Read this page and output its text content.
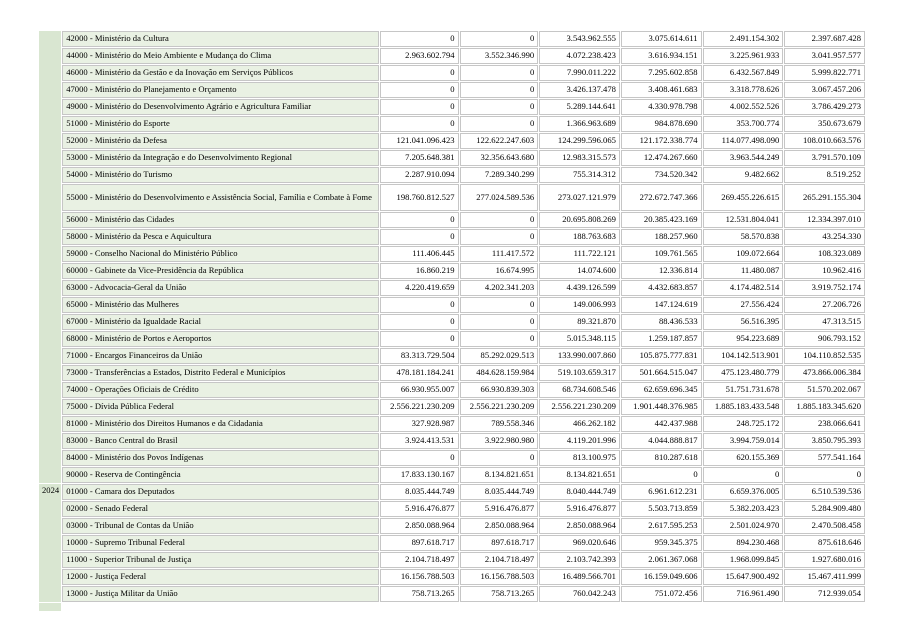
	42000 - Ministério da Cultura	0	0	3.543.962.555	3.075.614.611	2.491.154.302	2.397.687.428
	44000 - Ministério do Meio Ambiente e Mudança do Clima	2.963.602.794	3.552.346.990	4.072.238.423	3.616.934.151	3.225.961.933	3.041.957.577
	46000 - Ministério da Gestão e da Inovação em Serviços Públicos	0	0	7.990.011.222	7.295.602.858	6.432.567.849	5.999.822.771
	47000 - Ministério do Planejamento e Orçamento	0	0	3.426.137.478	3.408.461.683	3.318.778.626	3.067.457.206
	49000 - Ministério do Desenvolvimento Agrário e Agricultura Familiar	0	0	5.289.144.641	4.330.978.798	4.002.552.526	3.786.429.273
	51000 - Ministério do Esporte	0	0	1.366.963.689	984.878.690	353.700.774	350.673.679
	52000 - Ministério da Defesa	121.041.096.423	122.622.247.603	124.299.596.065	121.172.338.774	114.077.498.090	108.010.663.576
	53000 - Ministério da Integração e do Desenvolvimento Regional	7.205.648.381	32.356.643.680	12.983.315.573	12.474.267.660	3.963.544.249	3.791.570.109
	54000 - Ministério do Turismo	2.287.910.094	7.289.340.299	755.314.312	734.520.342	9.482.662	8.519.252
	55000 - Ministério do Desenvolvimento e Assistência Social, Família e Combate à Fome	198.760.812.527	277.024.589.536	273.027.121.979	272.672.747.366	269.455.226.615	265.291.155.304
	56000 - Ministério das Cidades	0	0	20.695.808.269	20.385.423.169	12.531.804.041	12.334.397.010
	58000 - Ministério da Pesca e Aquicultura	0	0	188.763.683	188.257.960	58.570.838	43.254.330
	59000 - Conselho Nacional do Ministério Público	111.406.445	111.417.572	111.722.121	109.761.565	109.072.664	108.323.089
	60000 - Gabinete da Vice-Presidência da República	16.860.219	16.674.995	14.074.600	12.336.814	11.480.087	10.962.416
	63000 - Advocacia-Geral da União	4.220.419.659	4.202.341.203	4.439.126.599	4.432.683.857	4.174.482.514	3.919.752.174
	65000 - Ministério das Mulheres	0	0	149.006.993	147.124.619	27.556.424	27.206.726
	67000 - Ministério da Igualdade Racial	0	0	89.321.870	88.436.533	56.516.395	47.313.515
	68000 - Ministério de Portos e Aeroportos	0	0	5.015.348.115	1.259.187.857	954.223.689	906.793.152
	71000 - Encargos Financeiros da União	83.313.729.504	85.292.029.513	133.990.007.860	105.875.777.831	104.142.513.901	104.110.852.535
	73000 - Transferências a Estados, Distrito Federal e Municípios	478.181.184.241	484.628.159.984	519.103.659.317	501.664.515.047	475.123.480.779	473.866.006.384
	74000 - Operações Oficiais de Crédito	66.930.955.007	66.930.839.303	68.734.608.546	62.659.696.345	51.751.731.678	51.570.202.067
	75000 - Dívida Pública Federal	2.556.221.230.209	2.556.221.230.209	2.556.221.230.209	1.901.448.376.985	1.885.183.433.548	1.885.183.345.620
	81000 - Ministério dos Direitos Humanos e da Cidadania	327.928.987	789.558.346	466.262.182	442.437.988	248.725.172	238.066.641
	83000 - Banco Central do Brasil	3.924.413.531	3.922.980.980	4.119.201.996	4.044.888.817	3.994.759.014	3.850.795.393
	84000 - Ministério dos Povos Indígenas	0	0	813.100.975	810.287.618	620.155.369	577.541.164
	90000 - Reserva de Contingência	17.833.130.167	8.134.821.651	8.134.821.651	0	0	0
2024	01000 - Camara dos Deputados	8.035.444.749	8.035.444.749	8.040.444.749	6.961.612.231	6.659.376.005	6.510.539.536
	02000 - Senado Federal	5.916.476.877	5.916.476.877	5.916.476.877	5.503.713.859	5.382.203.423	5.284.909.480
	03000 - Tribunal de Contas da União	2.850.088.964	2.850.088.964	2.850.088.964	2.617.595.253	2.501.024.970	2.470.508.458
	10000 - Supremo Tribunal Federal	897.618.717	897.618.717	969.020.646	959.345.375	894.230.468	875.618.646
	11000 - Superior Tribunal de Justiça	2.104.718.497	2.104.718.497	2.103.742.393	2.061.367.068	1.968.099.845	1.927.680.016
	12000 - Justiça Federal	16.156.788.503	16.156.788.503	16.489.566.701	16.159.049.606	15.647.900.492	15.467.411.999
	13000 - Justiça Militar da União	758.713.265	758.713.265	760.042.243	751.072.456	716.961.490	712.939.054
